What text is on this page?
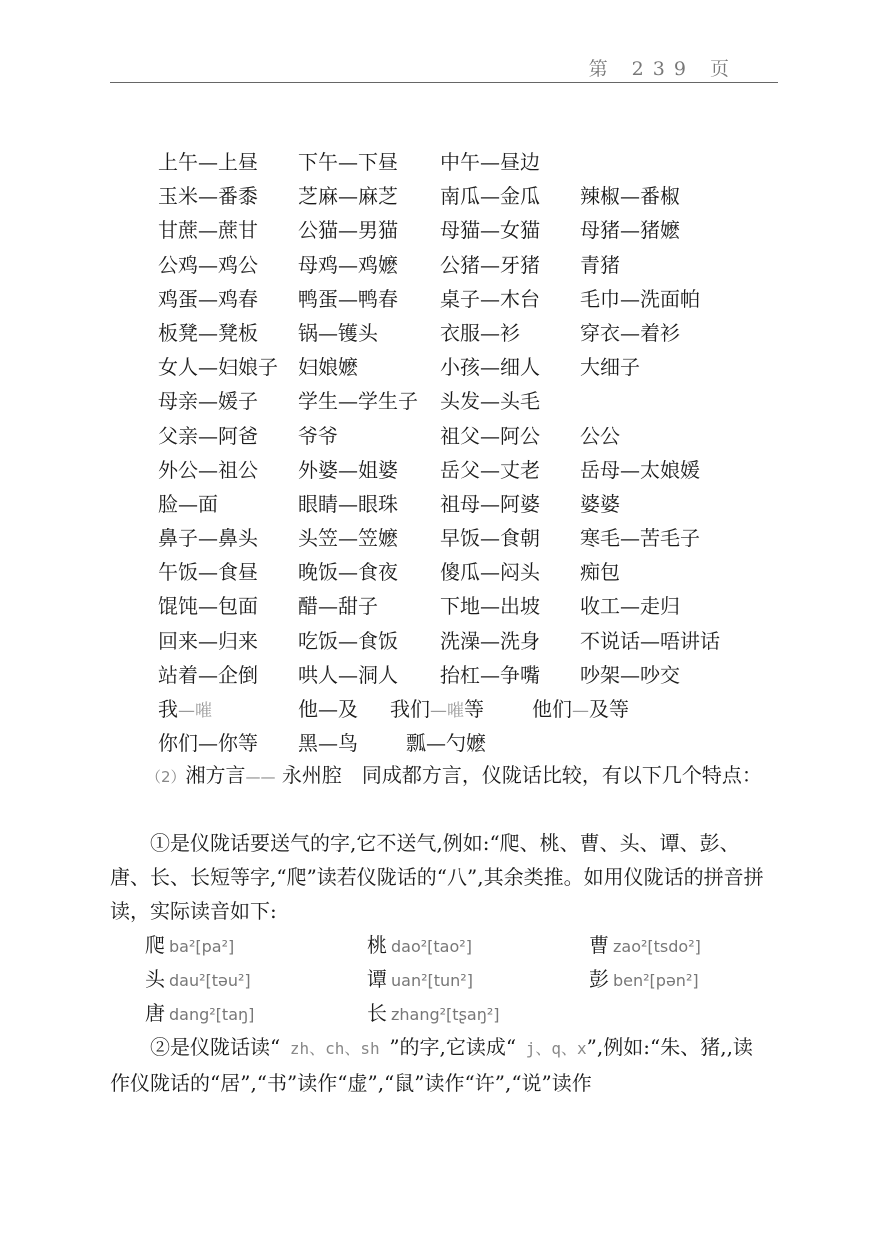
第 239 页
上午—上昼 下午—下昼 中午—昼边
玉米—番黍 芝麻—麻芝 南瓜—金瓜 辣椒—番椒
甘蔗—蔗甘 公猫—男猫 母猫—女猫 母猪—猪嬷
公鸡—鸡公 母鸡—鸡嬷 公猪—牙猪 青猪
鸡蛋—鸡春 鸭蛋—鸭春 桌子—木台 毛巾—洗面帕
板凳—凳板 锅—镬头	衣服—衫	穿衣—着衫
女人—妇娘子 妇娘嬷	小孩—细人 大细子
母亲—媛子 学生—学生子 头发—头毛
父亲—阿爸 爷爷	祖父—阿公 公公
外公—祖公 外婆—姐婆 岳父—丈老 岳母—太娘媛
脸—面	眼睛—眼珠 祖母—阿婆 婆婆
鼻子—鼻头 头笠—笠嬷 早饭—食朝 寒毛—苦毛子
午饭—食昼 晚饭—食夜 傻瓜—闷头 痴包
馄饨—包面 醋—甜子	下地—出坡 收工—走归
回来—归来 吃饭—食饭 洗澡—洗身 不说话—唔讲话
站着—企倒 哄人—洞人 抬杠—争嘴 吵架—吵交
我—嗺	他—及 我们—嗺等 他们—及等
你们—你等 黑—鸟 瓢—勺嬷
（2）湘方言—— 永州腔　同成都方言，仪陇话比较，有以下几个特点：
①是仪陇话要送气的字,它不送气,例如:“爬、桃、曹、头、谭、彭、唐、长、长短等字,“爬”读若仪陇话的“八”,其余类推。如用仪陇话的拼音拼读，实际读音如下:
爬 ba²[pa²]	桃 dao²[tao²]	曹 zao²[tsdo²]
头 dau²[təu²]	谭 uan²[tun²]	彭 ben²[pən²]
唐 dang²[taŋ]	长 zhang²[tʂaŋ²]
②是仪陇话读“ zh、ch、sh ”的字,它读成“ j、q、x”,例如:“朱、猪,,读作仪陇话的“居”,“书”读作“虚”,“鼠”读作“许”,“说”读作
